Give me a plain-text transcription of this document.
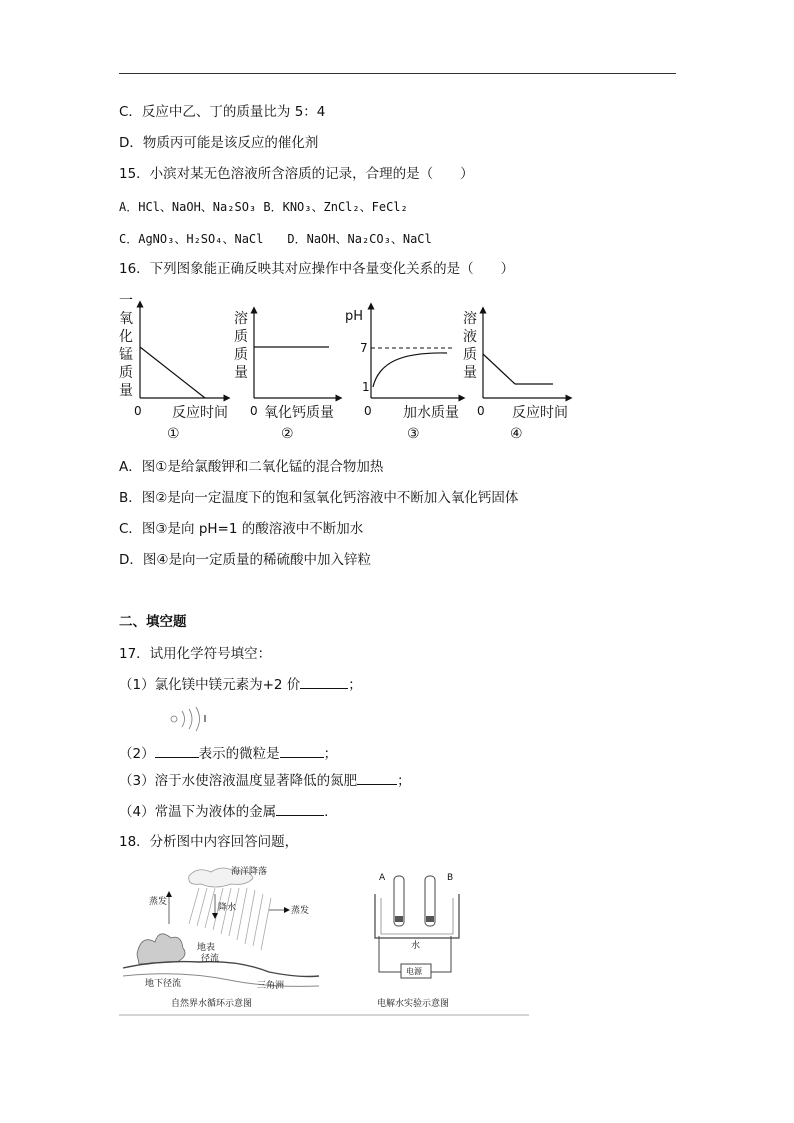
C．反应中乙、丁的质量比为 5：4
D．物质丙可能是该反应的催化剂
15．小滨对某无色溶液所含溶质的记录，合理的是（　　）
A．HCl、NaOH、Na₂SO₃ B．KNO₃、ZnCl₂、FeCl₂
C．AgNO₃、H₂SO₄、NaCl　　D．NaOH、Na₂CO₃、NaCl
16．下列图象能正确反映其对应操作中各量变化关系的是（　　）
一
氧
化
锰
质
量
0 反应时间
①
溶
质
质
量
0 氧化钙质量
②
pH
7
1
0 加水质量
③
溶
液
质
量
0 反应时间
④
A．图①是给氯酸钾和二氧化锰的混合物加热
B．图②是向一定温度下的饱和氢氧化钙溶液中不断加入氧化钙固体
C．图③是向 pH=1 的酸溶液中不断加水
D．图④是向一定质量的稀硫酸中加入锌粒
二、填空题
17．试用化学符号填空：
（1）氯化镁中镁元素为+2 价	；
（2）	表示的微粒是	；
（3）溶于水使溶液温度显著降低的氮肥	；
（4）常温下为液体的金属	.
18．分析图中内容回答问题，
海洋降落
蒸发
降水	蒸发
地表
径流
地下径流	三角洲
自然界水循环示意图
A	B
水
电源
电解水实验示意图
